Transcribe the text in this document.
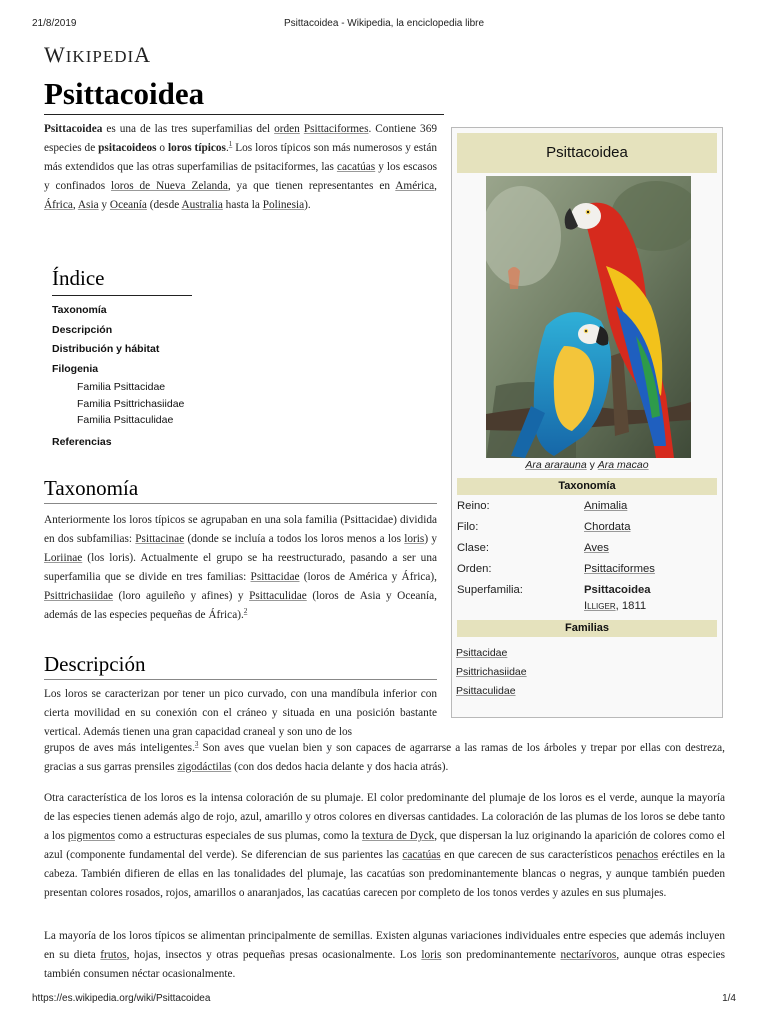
21/8/2019	Psittacoidea - Wikipedia, la enciclopedia libre
WIKIPEDIA
Psittacoidea

Psittacoidea es una de las tres superfamilias del orden Psittaciformes. Contiene 369 especies de psitacoideos o loros típicos.$^1$ Los loros típicos son más numerosos y están más extendidos que las otras superfamilias de psitaciformes, las cacatúas y los escasos y confinados loros de Nueva Zelanda, ya que tienen representantes en América, África, Asia y Oceanía (desde Australia hasta la Polinesia).

Índice
Taxonomía
Descripción
Distribución y hábitat
Filogenia
Familia Psittacidae
Familia Psittrichasiidae
Familia Psittaculidae
Referencias
Taxonomía

Anteriormente los loros típicos se agrupaban en una sola familia (Psittacidae) dividida en dos subfamilias: Psittacinae (donde se incluía a todos los loros menos a los loris) y Loriinae (los loris). Actualmente el grupo se ha reestructurado, pasando a ser una superfamilia que se divide en tres familias: Psittacidae (loros de América y África), Psittrichasiidae (loro aguileño y afines) y Psittaculidae (loros de Asia y Oceanía, además de las especies pequeñas de África).$^2$

Descripción

Los loros se caracterizan por tener un pico curvado, con una mandíbula inferior con cierta movilidad en su conexión con el cráneo y situada en una posición bastante vertical. Además tienen una gran capacidad craneal y son uno de los

grupos de aves más inteligentes.$^3$ Son aves que vuelan bien y son capaces de agarrarse a las ramas de los árboles y trepar por ellas con destreza, gracias a sus garras prensiles zigodáctilas (con dos dedos hacia delante y dos hacia atrás).

Otra característica de los loros es la intensa coloración de su plumaje. El color predominante del plumaje de los loros es el verde, aunque la mayoría de las especies tienen además algo de rojo, azul, amarillo y otros colores en diversas cantidades. La coloración de las plumas de los loros se debe tanto a los pigmentos como a estructuras especiales de sus plumas, como la textura de Dyck, que dispersan la luz originando la aparición de colores como el azul (componente fundamental del verde). Se diferencian de sus parientes las cacatúas en que carecen de sus característicos penachos eréctiles en la cabeza. También difieren de ellas en las tonalidades del plumaje, las cacatúas son predominantemente blancas o negras, y aunque también pueden presentan colores rosados, rojos, amarillos o anaranjados, las cacatúas carecen por completo de los tonos verdes y azules en sus plumajes.

La mayoría de los loros típicos se alimentan principalmente de semillas. Existen algunas variaciones individuales entre especies que además incluyen en su dieta frutos, hojas, insectos y otras pequeñas presas ocasionalmente. Los loris son predominantemente nectarívoros, aunque otras especies también consumen néctar ocasionalmente.

Psittacoidea
Ara ararauna y Ara macao
Taxonomía
Reino:	Animalia
Filo:	Chordata
Clase:	Aves
Orden:	Psittaciformes
Superfamilia:	Psittacoidea
Illiger, 1811
Familias
Psittacidae
Psittrichasiidae
Psittaculidae
https://es.wikipedia.org/wiki/Psittacoidea	1/4
